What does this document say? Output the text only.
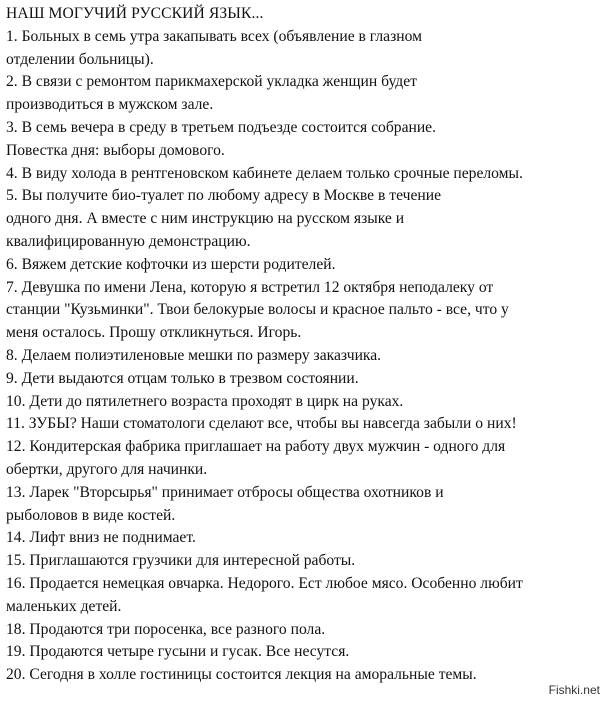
НАШ МОГУЧИЙ РУССКИЙ ЯЗЫК...
1. Больных в семь утра закапывать всех (объявление в глазном
отделении больницы).
2. В связи с ремонтом парикмахерской укладка женщин будет
производиться в мужском зале.
3. В семь вечера в среду в третьем подъезде состоится собрание.
Повестка дня: выборы домового.
4. В виду холода в рентгеновском кабинете делаем только срочные переломы.
5. Вы получите био-туалет по любому адресу в Москве в течение
одного дня. А вместе с ним инструкцию на русском языке и
квалифицированную демонстрацию.
6. Вяжем детские кофточки из шерсти родителей.
7. Девушка по имени Лена, которую я встретил 12 октября неподалеку от
станции "Кузьминки". Твои белокурые волосы и красное пальто - все, что у
меня осталось. Прошу откликнуться. Игорь.
8. Делаем полиэтиленовые мешки по размеру заказчика.
9. Дети выдаются отцам только в трезвом состоянии.
10. Дети до пятилетнего возраста проходят в цирк на руках.
11. ЗУБЫ? Наши стоматологи сделают все, чтобы вы навсегда забыли о них!
12. Кондитерская фабрика приглашает на работу двух мужчин - одного для
обертки, другого для начинки.
13. Ларек "Вторсырья" принимает отбросы общества охотников и
рыболовов в виде костей.
14. Лифт вниз не поднимает.
15. Приглашаются грузчики для интересной работы.
16. Продается немецкая овчарка. Недорого. Ест любое мясо. Особенно любит
маленьких детей.
18. Продаются три поросенка, все разного пола.
19. Продаются четыре гусыни и гусак. Все несутся.
20. Сегодня в холле гостиницы состоится лекция на аморальные темы.
Fishki.net
